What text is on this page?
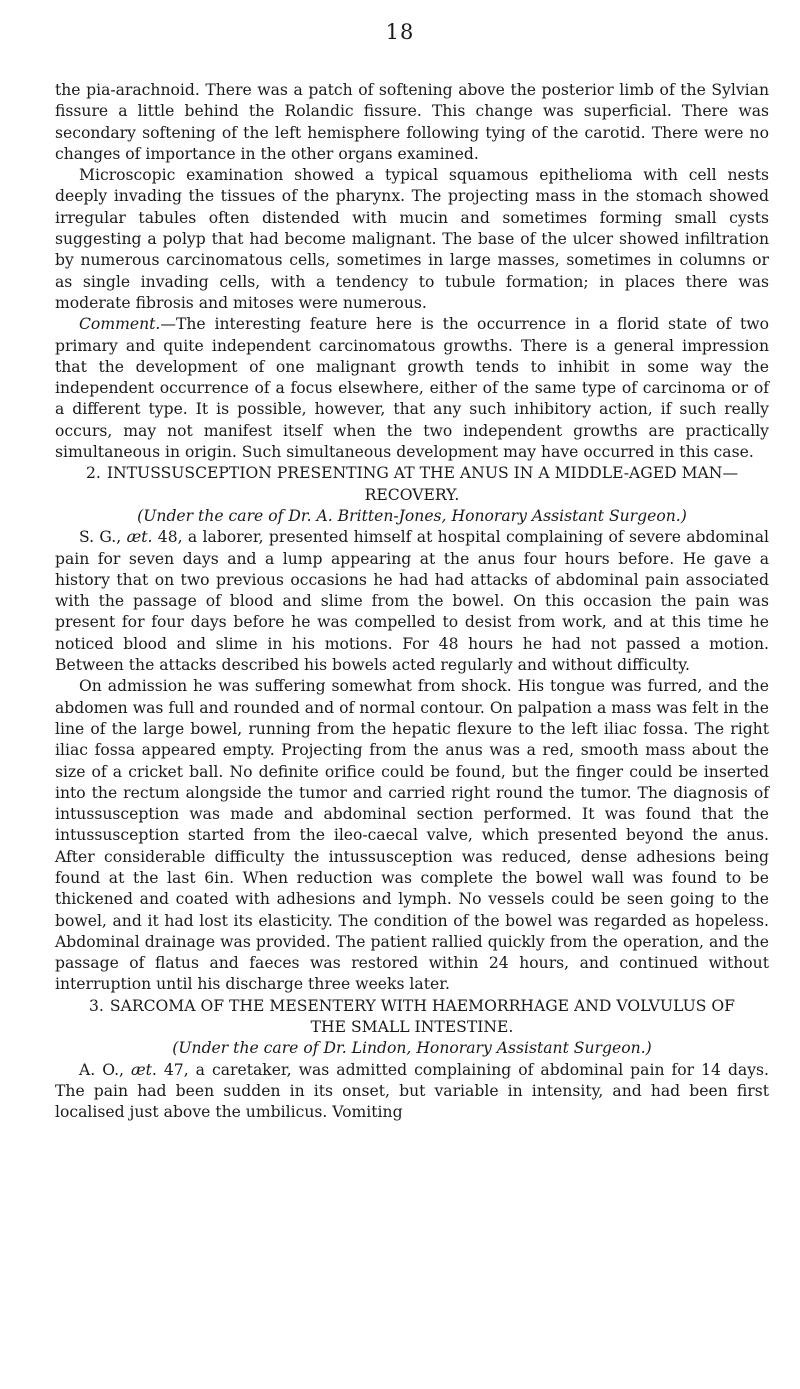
18

the pia-arachnoid. There was a patch of softening above the posterior limb of the Sylvian fissure a little behind the Rolandic fissure. This change was superficial. There was secondary softening of the left hemisphere following tying of the carotid. There were no changes of importance in the other organs examined.

Microscopic examination showed a typical squamous epithelioma with cell nests deeply invading the tissues of the pharynx. The projecting mass in the stomach showed irregular tabules often distended with mucin and sometimes forming small cysts suggesting a polyp that had become malignant. The base of the ulcer showed infiltration by numerous carcinomatous cells, sometimes in large masses, sometimes in columns or as single invading cells, with a tendency to tubule formation; in places there was moderate fibrosis and mitoses were numerous.

Comment.—The interesting feature here is the occurrence in a florid state of two primary and quite independent carcinomatous growths. There is a general impression that the development of one malignant growth tends to inhibit in some way the independent occurrence of a focus elsewhere, either of the same type of carcinoma or of a different type. It is possible, however, that any such inhibitory action, if such really occurs, may not manifest itself when the two independent growths are practically simultaneous in origin. Such simultaneous development may have occurred in this case.

2. INTUSSUSCEPTION PRESENTING AT THE ANUS IN A MIDDLE-AGED MAN—RECOVERY.

(Under the care of Dr. A. Britten-Jones, Honorary Assistant Surgeon.)

S. G., æt. 48, a laborer, presented himself at hospital complaining of severe abdominal pain for seven days and a lump appearing at the anus four hours before. He gave a history that on two previous occasions he had had attacks of abdominal pain associated with the passage of blood and slime from the bowel. On this occasion the pain was present for four days before he was compelled to desist from work, and at this time he noticed blood and slime in his motions. For 48 hours he had not passed a motion. Between the attacks described his bowels acted regularly and without difficulty.

On admission he was suffering somewhat from shock. His tongue was furred, and the abdomen was full and rounded and of normal contour. On palpation a mass was felt in the line of the large bowel, running from the hepatic flexure to the left iliac fossa. The right iliac fossa appeared empty. Projecting from the anus was a red, smooth mass about the size of a cricket ball. No definite orifice could be found, but the finger could be inserted into the rectum alongside the tumor and carried right round the tumor. The diagnosis of intussusception was made and abdominal section performed. It was found that the intussusception started from the ileo-caecal valve, which presented beyond the anus. After considerable difficulty the intussusception was reduced, dense adhesions being found at the last 6in. When reduction was complete the bowel wall was found to be thickened and coated with adhesions and lymph. No vessels could be seen going to the bowel, and it had lost its elasticity. The condition of the bowel was regarded as hopeless. Abdominal drainage was provided. The patient rallied quickly from the operation, and the passage of flatus and faeces was restored within 24 hours, and continued without interruption until his discharge three weeks later.

3. SARCOMA OF THE MESENTERY WITH HAEMORRHAGE AND VOLVULUS OF THE SMALL INTESTINE.

(Under the care of Dr. Lindon, Honorary Assistant Surgeon.)

A. O., æt. 47, a caretaker, was admitted complaining of abdominal pain for 14 days. The pain had been sudden in its onset, but variable in intensity, and had been first localised just above the umbilicus. Vomiting
